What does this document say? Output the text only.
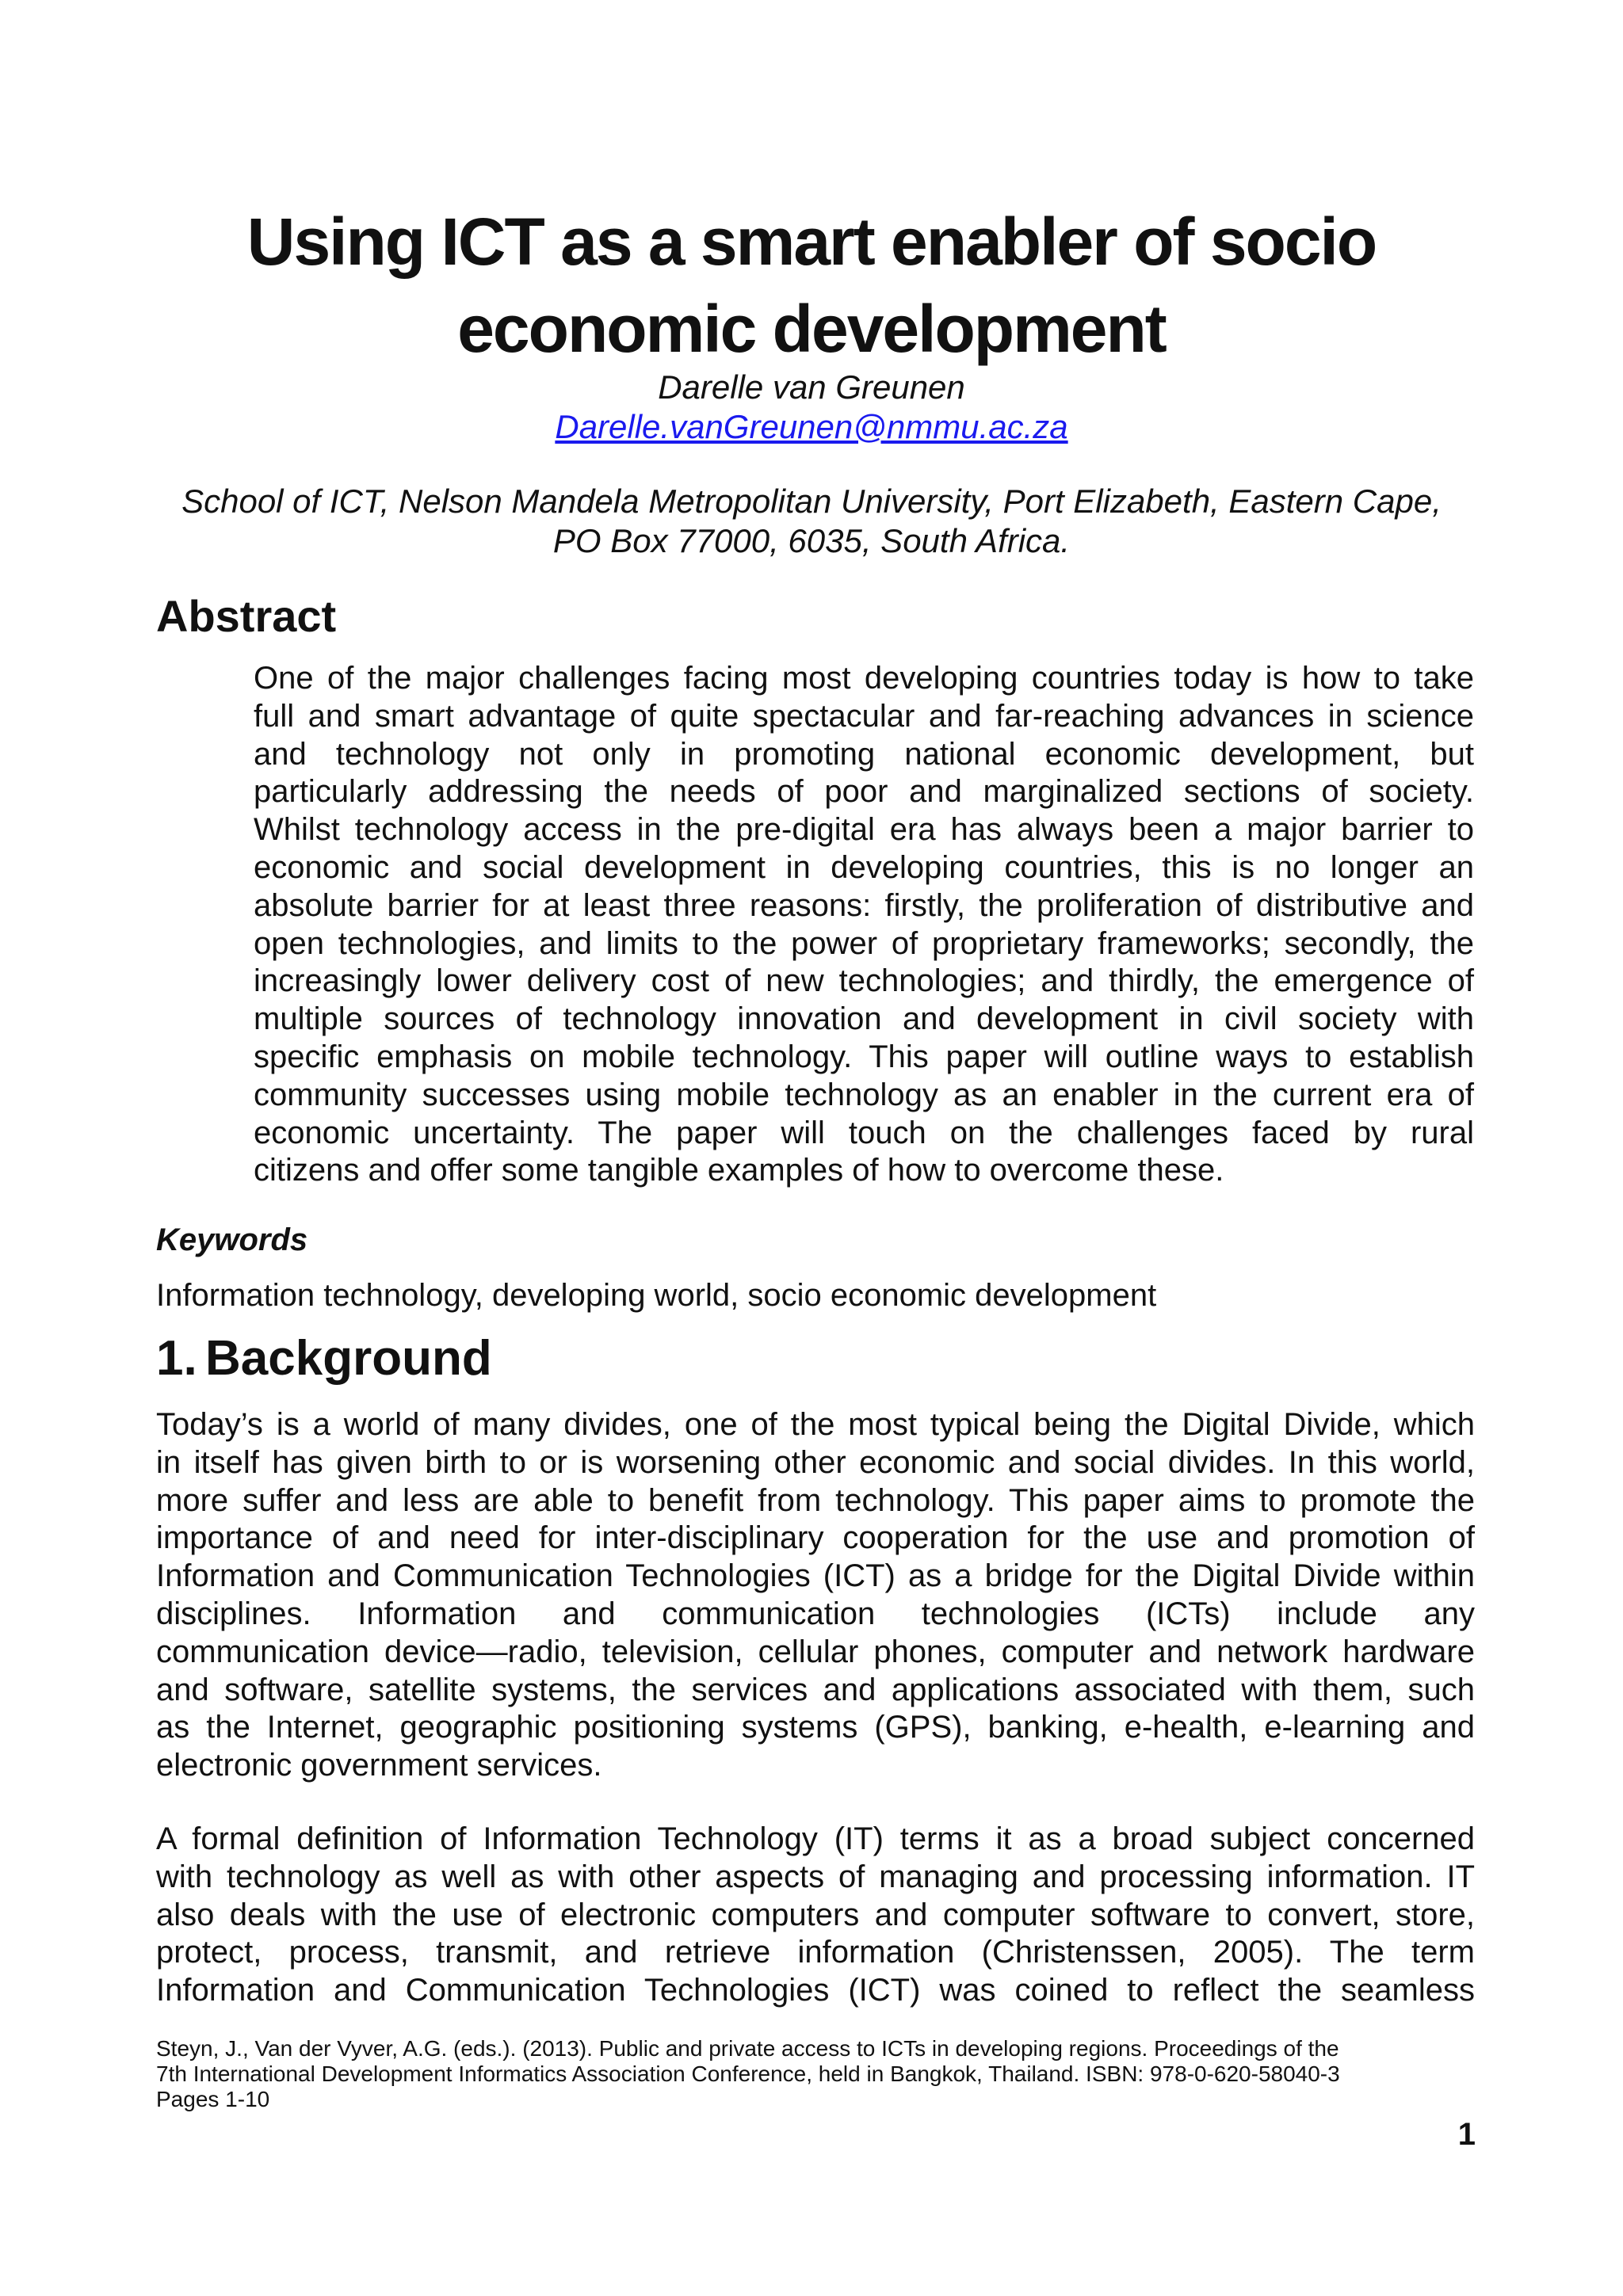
Using ICT as a smart enabler of socio economic development
Darelle van Greunen
Darelle.vanGreunen@nmmu.ac.za
School of ICT, Nelson Mandela Metropolitan University, Port Elizabeth, Eastern Cape,
PO Box 77000, 6035, South Africa.
Abstract
One of the major challenges facing most developing countries today is how to take
full and smart advantage of quite spectacular and far-reaching advances in science
and technology not only in promoting national economic development, but
particularly addressing the needs of poor and marginalized sections of society.
Whilst technology access in the pre-digital era has always been a major barrier to
economic and social development in developing countries, this is no longer an
absolute barrier for at least three reasons: firstly, the proliferation of distributive and
open technologies, and limits to the power of proprietary frameworks; secondly, the
increasingly lower delivery cost of new technologies; and thirdly, the emergence of
multiple sources of technology innovation and development in civil society with
specific emphasis on mobile technology. This paper will outline ways to establish
community successes using mobile technology as an enabler in the current era of
economic uncertainty. The paper will touch on the challenges faced by rural
citizens and offer some tangible examples of how to overcome these.
Keywords
Information technology, developing world, socio economic development
1. Background
Today’s is a world of many divides, one of the most typical being the Digital Divide, which
in itself has given birth to or is worsening other economic and social divides. In this world,
more suffer and less are able to benefit from technology. This paper aims to promote the
importance of and need for inter-disciplinary cooperation for the use and promotion of
Information and Communication Technologies (ICT) as a bridge for the Digital Divide within
disciplines. Information and communication technologies (ICTs) include any
communication device—radio, television, cellular phones, computer and network hardware
and software, satellite systems, the services and applications associated with them, such
as the Internet, geographic positioning systems (GPS), banking, e-health, e-learning and
electronic government services.
A formal definition of Information Technology (IT) terms it as a broad subject concerned
with technology as well as with other aspects of managing and processing information. IT
also deals with the use of electronic computers and computer software to convert, store,
protect, process, transmit, and retrieve information (Christenssen, 2005). The term
Information and Communication Technologies (ICT) was coined to reflect the seamless
Steyn, J., Van der Vyver, A.G. (eds.). (2013). Public and private access to ICTs in developing regions. Proceedings of the
7th International Development Informatics Association Conference, held in Bangkok, Thailand. ISBN: 978-0-620-58040-3
Pages 1-10
1
